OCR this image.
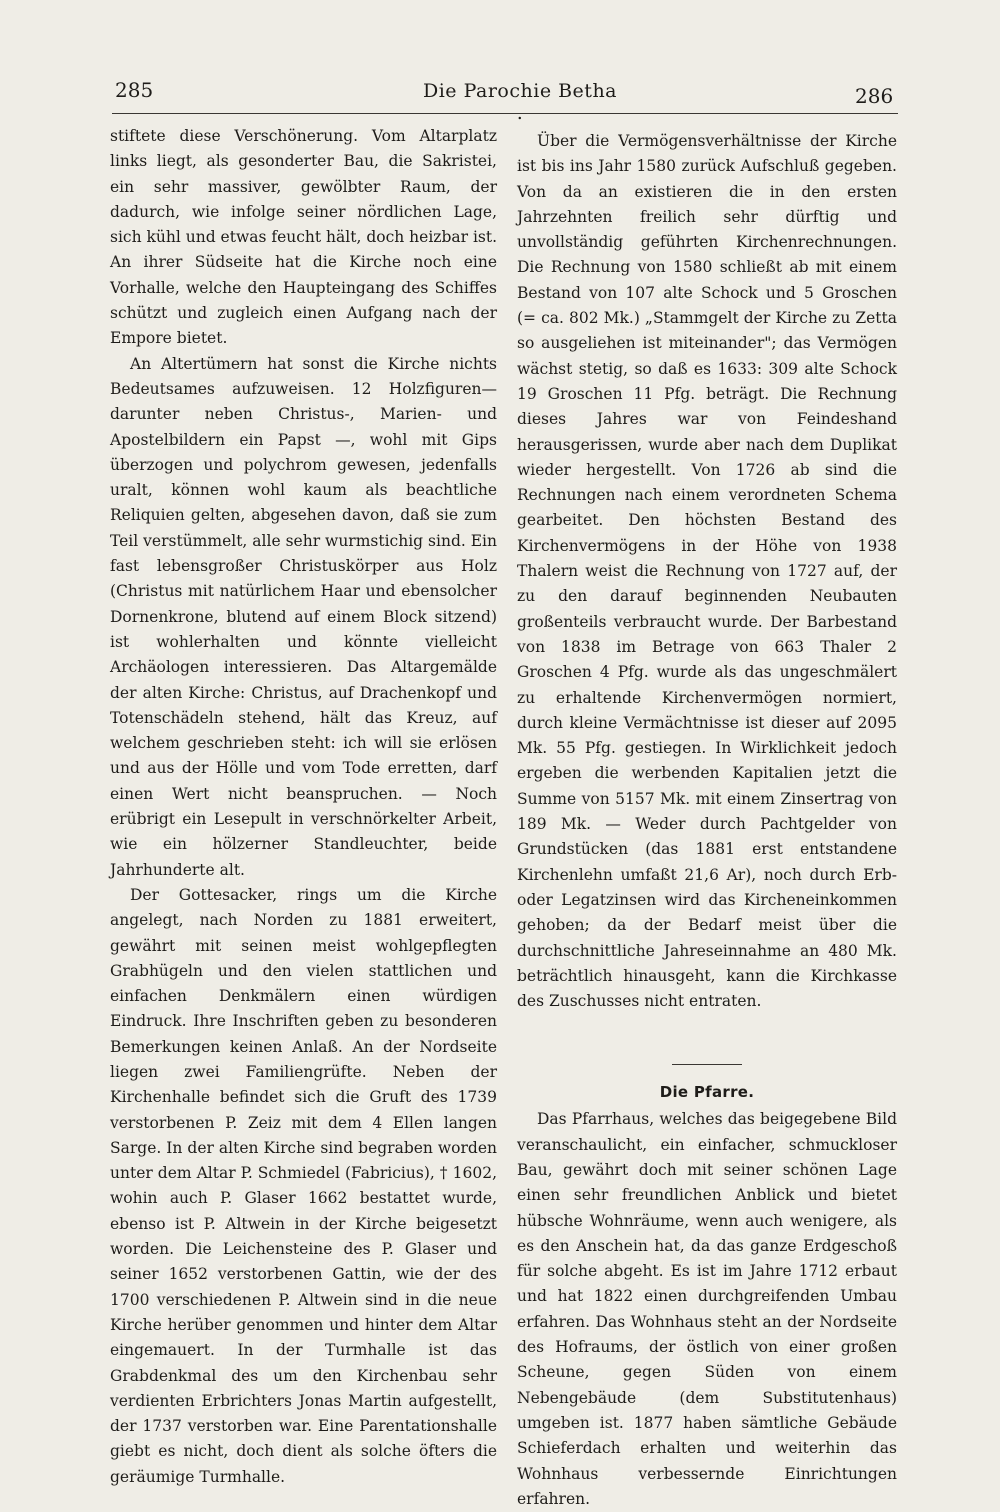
285	Die Parochie Betha	286

stiftete diese Verschönerung. Vom Altarplatz links liegt, als gesonderter Bau, die Sakristei, ein sehr massiver, gewölbter Raum, der dadurch, wie infolge seiner nördlichen Lage, sich kühl und etwas feucht hält, doch heizbar ist. An ihrer Südseite hat die Kirche noch eine Vorhalle, welche den Haupteingang des Schiffes schützt und zugleich einen Aufgang nach der Empore bietet.

An Altertümern hat sonst die Kirche nichts Bedeutsames aufzuweisen. 12 Holzfiguren—darunter neben Christus-, Marien- und Apostelbildern ein Papst —, wohl mit Gips überzogen und polychrom gewesen, jedenfalls uralt, können wohl kaum als beachtliche Reliquien gelten, abgesehen davon, daß sie zum Teil verstümmelt, alle sehr wurmstichig sind. Ein fast lebensgroßer Christuskörper aus Holz (Christus mit natürlichem Haar und ebensolcher Dornenkrone, blutend auf einem Block sitzend) ist wohlerhalten und könnte vielleicht Archäologen interessieren. Das Altargemälde der alten Kirche: Christus, auf Drachenkopf und Totenschädeln stehend, hält das Kreuz, auf welchem geschrieben steht: ich will sie erlösen und aus der Hölle und vom Tode erretten, darf einen Wert nicht beanspruchen. — Noch erübrigt ein Lesepult in verschnörkelter Arbeit, wie ein hölzerner Standleuchter, beide Jahrhunderte alt.

Der Gottesacker, rings um die Kirche angelegt, nach Norden zu 1881 erweitert, gewährt mit seinen meist wohlgepflegten Grabhügeln und den vielen stattlichen und einfachen Denkmälern einen würdigen Eindruck. Ihre Inschriften geben zu besonderen Bemerkungen keinen Anlaß. An der Nordseite liegen zwei Familiengrüfte. Neben der Kirchenhalle befindet sich die Gruft des 1739 verstorbenen P. Zeiz mit dem 4 Ellen langen Sarge. In der alten Kirche sind begraben worden unter dem Altar P. Schmiedel (Fabricius), † 1602, wohin auch P. Glaser 1662 bestattet wurde, ebenso ist P. Altwein in der Kirche beigesetzt worden. Die Leichensteine des P. Glaser und seiner 1652 verstorbenen Gattin, wie der des 1700 verschiedenen P. Altwein sind in die neue Kirche herüber genommen und hinter dem Altar eingemauert. In der Turmhalle ist das Grabdenkmal des um den Kirchenbau sehr verdienten Erbrichters Jonas Martin aufgestellt, der 1737 verstorben war. Eine Parentationshalle giebt es nicht, doch dient als solche öfters die geräumige Turmhalle.

Über die Vermögensverhältnisse der Kirche ist bis ins Jahr 1580 zurück Aufschluß gegeben. Von da an existieren die in den ersten Jahrzehnten freilich sehr dürftig und unvollständig geführten Kirchenrechnungen. Die Rechnung von 1580 schließt ab mit einem Bestand von 107 alte Schock und 5 Groschen (= ca. 802 Mk.) „Stammgelt der Kirche zu Zetta so ausgeliehen ist miteinander"; das Vermögen wächst stetig, so daß es 1633: 309 alte Schock 19 Groschen 11 Pfg. beträgt. Die Rechnung dieses Jahres war von Feindeshand herausgerissen, wurde aber nach dem Duplikat wieder hergestellt. Von 1726 ab sind die Rechnungen nach einem verordneten Schema gearbeitet. Den höchsten Bestand des Kirchenvermögens in der Höhe von 1938 Thalern weist die Rechnung von 1727 auf, der zu den darauf beginnenden Neubauten großenteils verbraucht wurde. Der Barbestand von 1838 im Betrage von 663 Thaler 2 Groschen 4 Pfg. wurde als das ungeschmälert zu erhaltende Kirchenvermögen normiert, durch kleine Vermächtnisse ist dieser auf 2095 Mk. 55 Pfg. gestiegen. In Wirklichkeit jedoch ergeben die werbenden Kapitalien jetzt die Summe von 5157 Mk. mit einem Zinsertrag von 189 Mk. — Weder durch Pachtgelder von Grundstücken (das 1881 erst entstandene Kirchenlehn umfaßt 21,6 Ar), noch durch Erb- oder Legatzinsen wird das Kircheneinkommen gehoben; da der Bedarf meist über die durchschnittliche Jahreseinnahme an 480 Mk. beträchtlich hinausgeht, kann die Kirchkasse des Zuschusses nicht entraten.

Die Pfarre.

Das Pfarrhaus, welches das beigegebene Bild veranschaulicht, ein einfacher, schmuckloser Bau, gewährt doch mit seiner schönen Lage einen sehr freundlichen Anblick und bietet hübsche Wohnräume, wenn auch wenigere, als es den Anschein hat, da das ganze Erdgeschoß für solche abgeht. Es ist im Jahre 1712 erbaut und hat 1822 einen durchgreifenden Umbau erfahren. Das Wohnhaus steht an der Nordseite des Hofraums, der östlich von einer großen Scheune, gegen Süden von einem Nebengebäude (dem Substitutenhaus) umgeben ist. 1877 haben sämtliche Gebäude Schieferdach erhalten und weiterhin das Wohnhaus verbessernde Einrichtungen erfahren.
